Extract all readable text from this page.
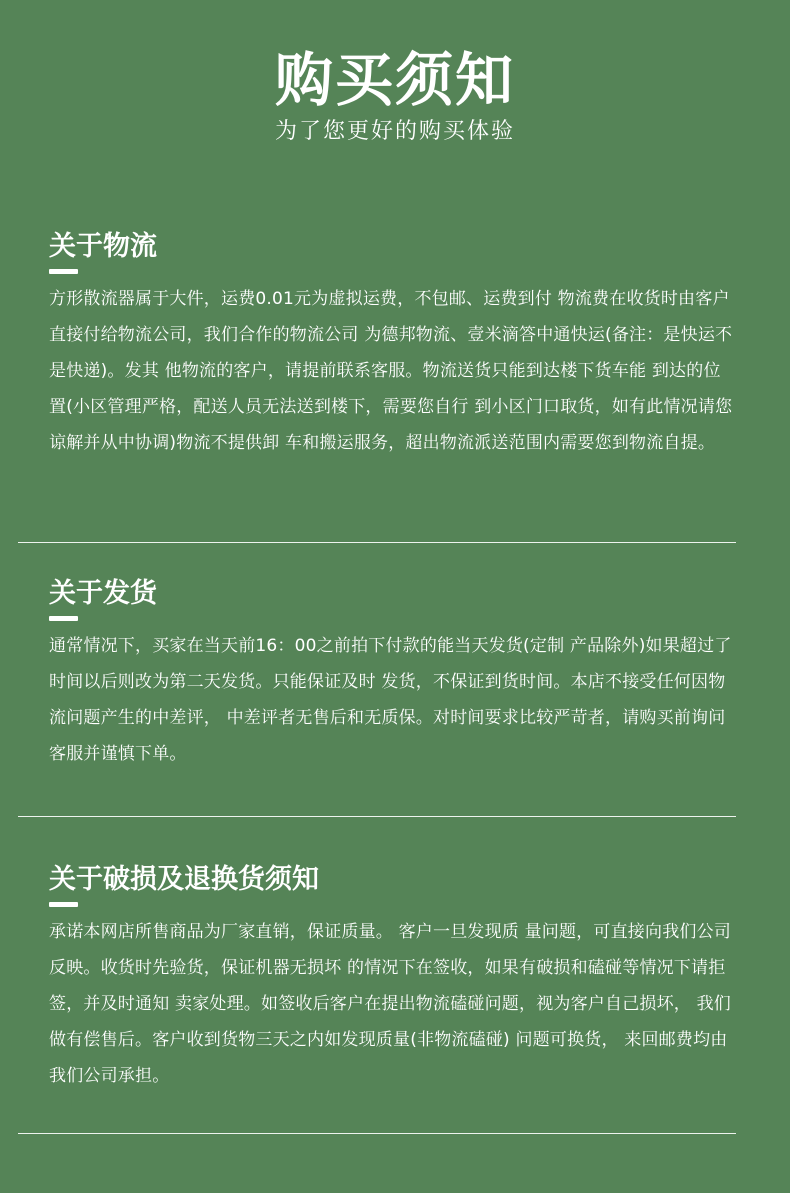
购买须知
为了您更好的购买体验
关于物流
方形散流器属于大件，运费0.01元为虚拟运费，不包邮、运费到付 物流费在收货时由客户直接付给物流公司，我们合作的物流公司 为德邦物流、壹米滴答中通快运(备注：是快运不是快递)。发其 他物流的客户，请提前联系客服。物流送货只能到达楼下货车能 到达的位置(小区管理严格，配送人员无法送到楼下，需要您自行 到小区门口取货，如有此情况请您谅解并从中协调)物流不提供卸 车和搬运服务，超出物流派送范围内需要您到物流自提。
关于发货
通常情况下，买家在当天前16：00之前拍下付款的能当天发货(定制 产品除外)如果超过了时间以后则改为第二天发货。只能保证及时 发货，不保证到货时间。本店不接受任何因物流问题产生的中差评， 中差评者无售后和无质保。对时间要求比较严苛者，请购买前询问 客服并谨慎下单。
关于破损及退换货须知
承诺本网店所售商品为厂家直销，保证质量。 客户一旦发现质 量问题，可直接向我们公司反映。收货时先验货，保证机器无损坏 的情况下在签收，如果有破损和磕碰等情况下请拒签，并及时通知 卖家处理。如签收后客户在提出物流磕碰问题，视为客户自己损坏， 我们做有偿售后。客户收到货物三天之内如发现质量(非物流磕碰) 问题可换货， 来回邮费均由我们公司承担。
